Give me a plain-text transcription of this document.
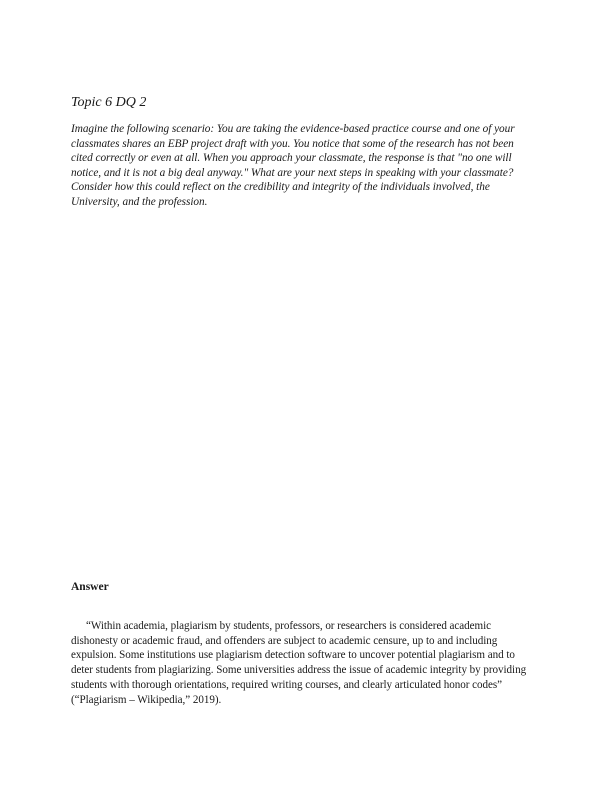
Topic 6 DQ 2

Imagine the following scenario: You are taking the evidence-based practice course and one of your classmates shares an EBP project draft with you. You notice that some of the research has not been cited correctly or even at all. When you approach your classmate, the response is that "no one will notice, and it is not a big deal anyway." What are your next steps in speaking with your classmate? Consider how this could reflect on the credibility and integrity of the individuals involved, the University, and the profession.

Answer

“Within academia, plagiarism by students, professors, or researchers is considered academic dishonesty or academic fraud, and offenders are subject to academic censure, up to and including expulsion. Some institutions use plagiarism detection software to uncover potential plagiarism and to deter students from plagiarizing. Some universities address the issue of academic integrity by providing students with thorough orientations, required writing courses, and clearly articulated honor codes” (“Plagiarism – Wikipedia,” 2019).
